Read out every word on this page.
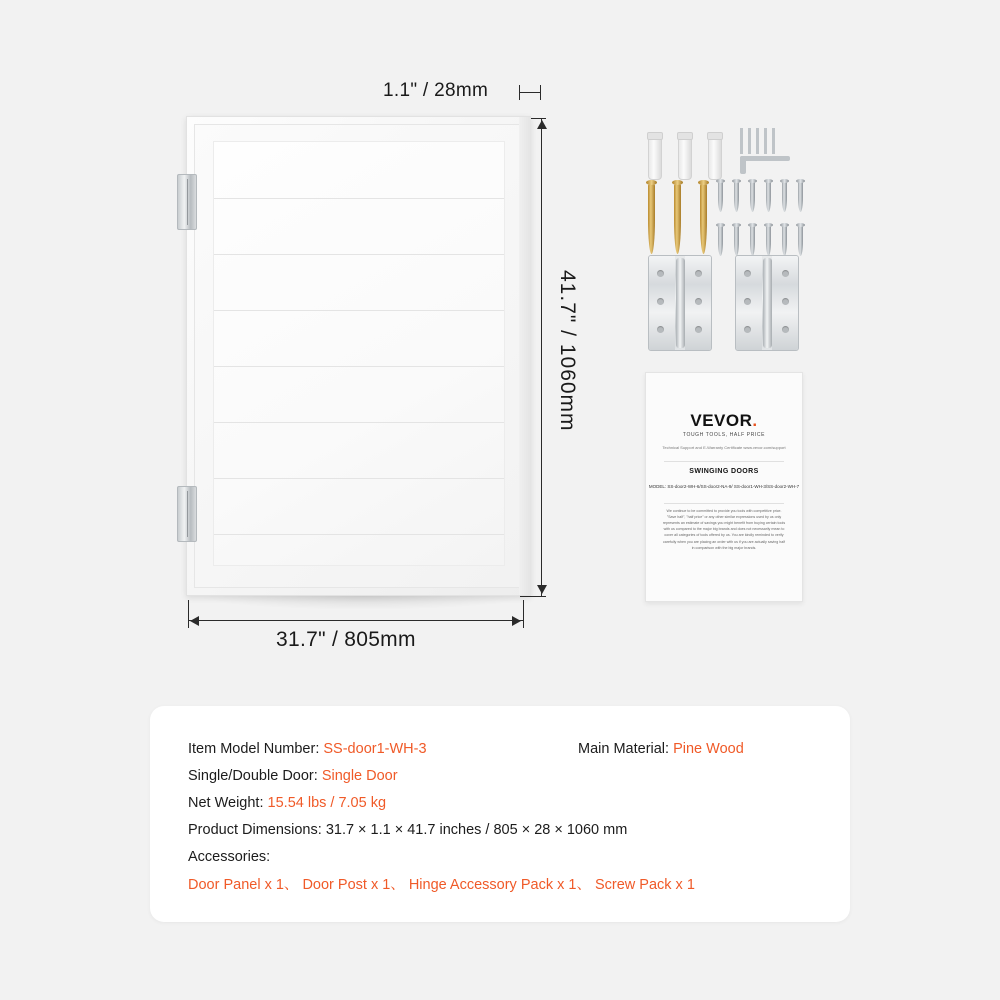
1.1" / 28mm
31.7" / 805mm
41.7" / 1060mm	VEVOR.
TOUGH TOOLS, HALF PRICE
Technical Support and E-Warranty Certificate www.vevor.com/support
SWINGING DOORS
MODEL: SS-door2-WH-6/SS-door2-NA-9/ SS-door1-WH-3/SS-door2-WH-7
We continue to be committed to provide you tools with competitive price. "Save half", "half price" or any other similar expressions used by us only represents an estimate of savings you might benefit from buying certain tools with us compared to the major big brands and does not necessarily mean to cover all categories of tools offered by us. You are kindly reminded to verify carefully when you are placing an order with us if you are actually saving half in comparison with the big major brands.
Item Model Number: SS-door1-WH-3	Main Material: Pine Wood
Single/Double Door: Single Door
Net Weight: 15.54 lbs / 7.05 kg
Product Dimensions: 31.7 × 1.1 × 41.7 inches / 805 × 28 × 1060 mm
Accessories:
Door Panel x 1、 Door Post x 1、 Hinge Accessory Pack x 1、 Screw Pack x 1
